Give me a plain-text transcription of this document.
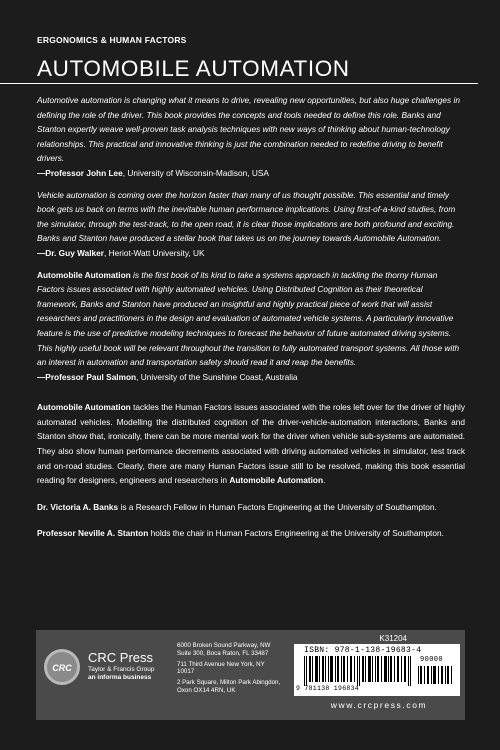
ERGONOMICS & HUMAN FACTORS
AUTOMOBILE AUTOMATION

Automotive automation is changing what it means to drive, revealing new opportunities, but also huge challenges in defining the role of the driver. This book provides the concepts and tools needed to define this role. Banks and Stanton expertly weave well-proven task analysis techniques with new ways of thinking about human-technology relationships. This practical and innovative thinking is just the combination needed to redefine driving to benefit drivers.
—Professor John Lee, University of Wisconsin-Madison, USA

Vehicle automation is coming over the horizon faster than many of us thought possible. This essential and timely book gets us back on terms with the inevitable human performance implications. Using first-of-a-kind studies, from the simulator, through the test-track, to the open road, it is clear those implications are both profound and exciting. Banks and Stanton have produced a stellar book that takes us on the journey towards Automobile Automation.
—Dr. Guy Walker, Heriot-Watt University, UK

Automobile Automation is the first book of its kind to take a systems approach in tackling the thorny Human Factors issues associated with highly automated vehicles. Using Distributed Cognition as their theoretical framework, Banks and Stanton have produced an insightful and highly practical piece of work that will assist researchers and practitioners in the design and evaluation of automated vehicle systems. A particularly innovative feature is the use of predictive modeling techniques to forecast the behavior of future automated driving systems. This highly useful book will be relevant throughout the transition to fully automated transport systems. All those with an interest in automation and transportation safety should read it and reap the benefits.
—Professor Paul Salmon, University of the Sunshine Coast, Australia

Automobile Automation tackles the Human Factors issues associated with the roles left over for the driver of highly automated vehicles. Modelling the distributed cognition of the driver-vehicle-automation interactions, Banks and Stanton show that, ironically, there can be more mental work for the driver when vehicle sub-systems are automated. They also show human performance decrements associated with driving automated vehicles in simulator, test track and on-road studies. Clearly, there are many Human Factors issue still to be resolved, making this book essential reading for designers, engineers and researchers in Automobile Automation.

Dr. Victoria A. Banks is a Research Fellow in Human Factors Engineering at the University of Southampton.

Professor Neville A. Stanton holds the chair in Human Factors Engineering at the University of Southampton.

CRC
CRC Press
Taylor & Francis Group
an informa business
6000 Broken Sound Parkway, NW Suite 300, Boca Raton, FL 33487
711 Third Avenue New York, NY 10017
2 Park Square, Milton Park Abingdon, Oxon OX14 4RN, UK
K31204
ISBN: 978-1-138-19683-4
90000
9 781138 196834
www.crcpress.com
